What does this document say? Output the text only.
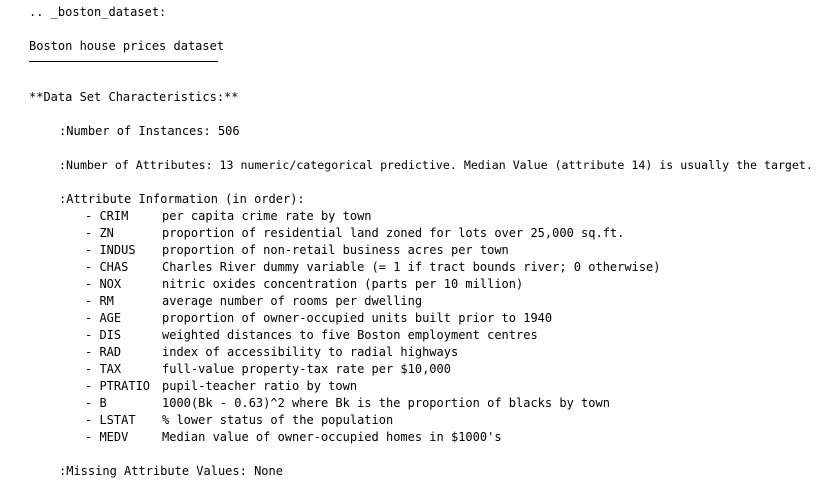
.. _boston_dataset:
Boston house prices dataset
**Data Set Characteristics:**
:Number of Instances: 506
:Number of Attributes: 13 numeric/categorical predictive. Median Value (attribute 14) is usually the target.
:Attribute Information (in order):
- CRIM	per capita crime rate by town
- ZN	proportion of residential land zoned for lots over 25,000 sq.ft.
- INDUS proportion of non-retail business acres per town
- CHAS	Charles River dummy variable (= 1 if tract bounds river; 0 otherwise)
- NOX	nitric oxides concentration (parts per 10 million)
- RM	average number of rooms per dwelling
- AGE	proportion of owner-occupied units built prior to 1940
- DIS	weighted distances to five Boston employment centres
- RAD	index of accessibility to radial highways
- TAX	full-value property-tax rate per $10,000
- PTRATIO pupil-teacher ratio by town
- B	1000(Bk - 0.63)^2 where Bk is the proportion of blacks by town
- LSTAT % lower status of the population
- MEDV	Median value of owner-occupied homes in $1000's
:Missing Attribute Values: None
